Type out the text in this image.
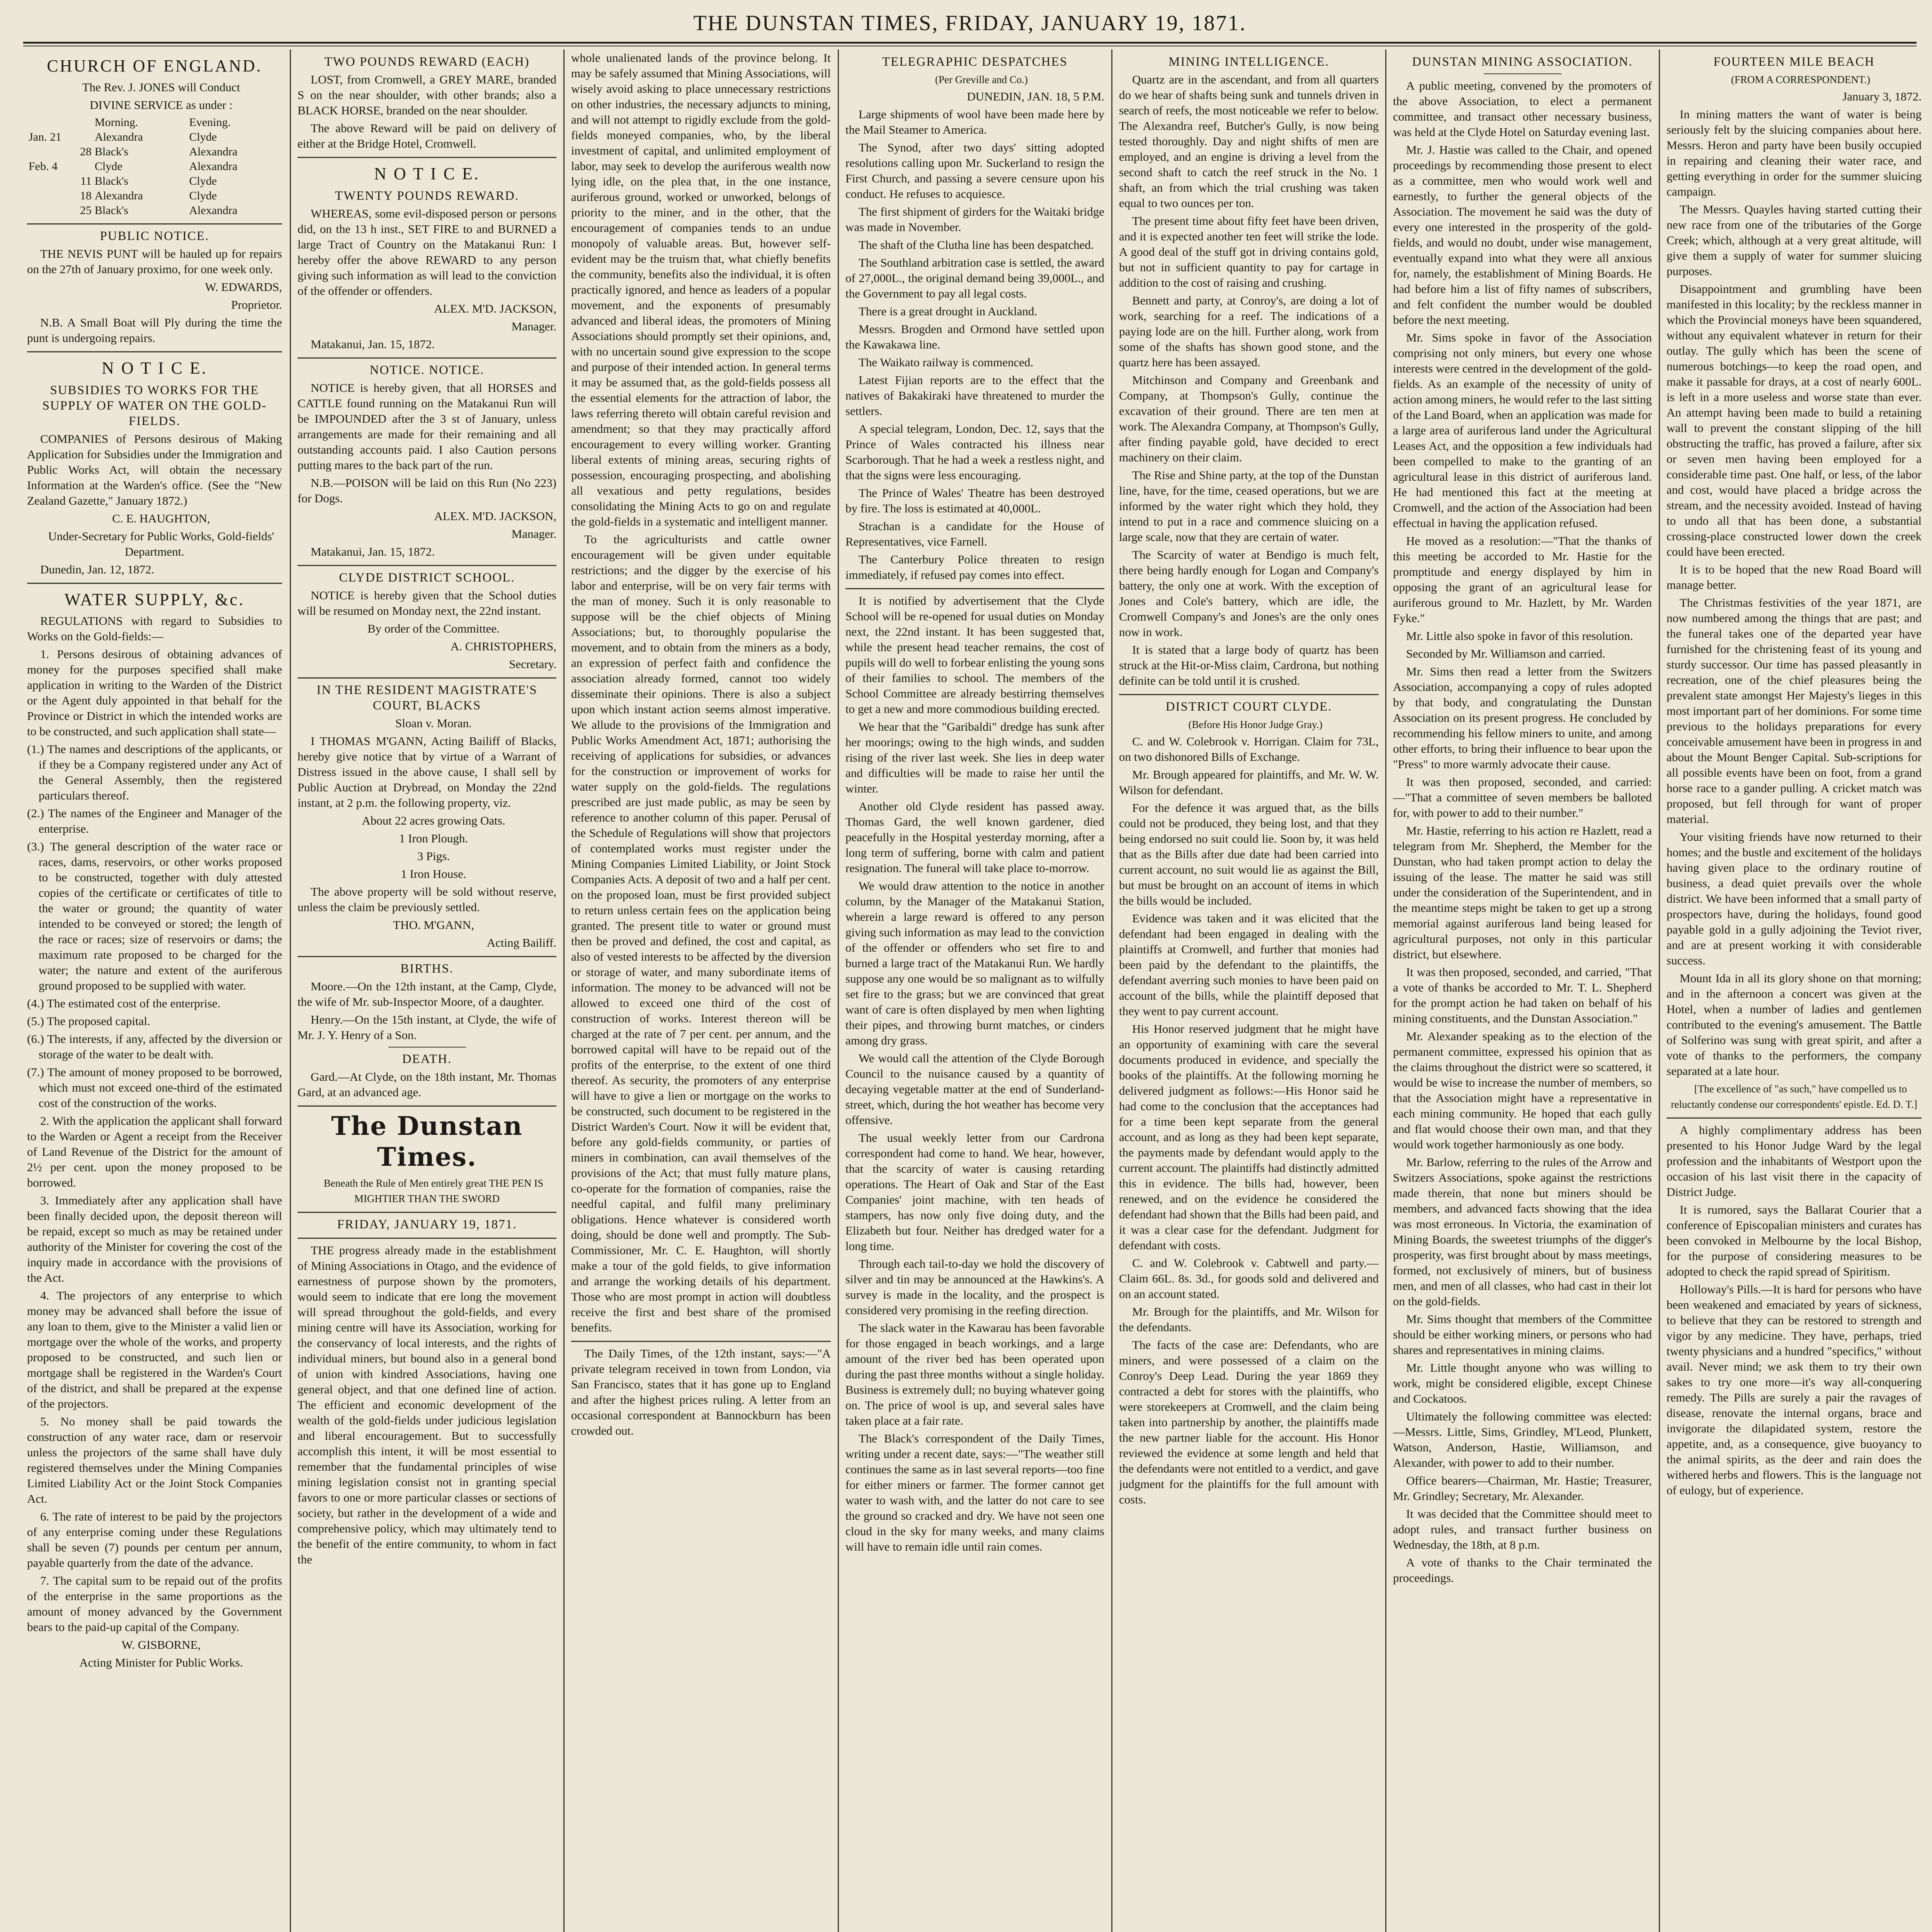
THE DUNSTAN TIMES, FRIDAY, JANUARY 19, 1871.
CHURCH OF ENGLAND.

The Rev. J. JONES will Conduct

DIVINE SERVICE as under :

	Morning.	Evening.
Jan. 21	Alexandra	Clyde
28	Black's	Alexandra
Feb. 4	Clyde	Alexandra
11	Black's	Clyde
18	Alexandra	Clyde
25	Black's	Alexandra
PUBLIC NOTICE.

THE NEVIS PUNT will be hauled up for repairs on the 27th of January proximo, for one week only.

W. EDWARDS,

Proprietor.

N.B. A Small Boat will Ply during the time the punt is undergoing repairs.

N O T I C E.
SUBSIDIES TO WORKS FOR THE SUPPLY OF WATER ON THE GOLD-FIELDS.

COMPANIES of Persons desirous of Making Application for Subsidies under the Immigration and Public Works Act, will obtain the necessary Information at the Warden's office. (See the "New Zealand Gazette," January 1872.)

C. E. HAUGHTON,

Under-Secretary for Public Works, Gold-fields' Department.

Dunedin, Jan. 12, 1872.

WATER SUPPLY, &c.

REGULATIONS with regard to Subsidies to Works on the Gold-fields:—

1. Persons desirous of obtaining advances of money for the purposes specified shall make application in writing to the Warden of the District or the Agent duly appointed in that behalf for the Province or District in which the intended works are to be constructed, and such application shall state—

(1.) The names and descriptions of the applicants, or if they be a Company registered under any Act of the General Assembly, then the registered particulars thereof.

(2.) The names of the Engineer and Manager of the enterprise.

(3.) The general description of the water race or races, dams, reservoirs, or other works proposed to be constructed, together with duly attested copies of the certificate or certificates of title to the water or ground; the quantity of water intended to be conveyed or stored; the length of the race or races; size of reservoirs or dams; the maximum rate proposed to be charged for the water; the nature and extent of the auriferous ground proposed to be supplied with water.

(4.) The estimated cost of the enterprise.

(5.) The proposed capital.

(6.) The interests, if any, affected by the diversion or storage of the water to be dealt with.

(7.) The amount of money proposed to be borrowed, which must not exceed one-third of the estimated cost of the construction of the works.

2. With the application the applicant shall forward to the Warden or Agent a receipt from the Receiver of Land Revenue of the District for the amount of 2½ per cent. upon the money proposed to be borrowed.

3. Immediately after any application shall have been finally decided upon, the deposit thereon will be repaid, except so much as may be retained under authority of the Minister for covering the cost of the inquiry made in accordance with the provisions of the Act.

4. The projectors of any enterprise to which money may be advanced shall before the issue of any loan to them, give to the Minister a valid lien or mortgage over the whole of the works, and property proposed to be constructed, and such lien or mortgage shall be registered in the Warden's Court of the district, and shall be prepared at the expense of the projectors.

5. No money shall be paid towards the construction of any water race, dam or reservoir unless the projectors of the same shall have duly registered themselves under the Mining Companies Limited Liability Act or the Joint Stock Companies Act.

6. The rate of interest to be paid by the projectors of any enterprise coming under these Regulations shall be seven (7) pounds per centum per annum, payable quarterly from the date of the advance.

7. The capital sum to be repaid out of the profits of the enterprise in the same proportions as the amount of money advanced by the Government bears to the paid-up capital of the Company.

W. GISBORNE,

Acting Minister for Public Works.

TWO POUNDS REWARD (EACH)

LOST, from Cromwell, a GREY MARE, branded S on the near shoulder, with other brands; also a BLACK HORSE, branded on the near shoulder.

The above Reward will be paid on delivery of either at the Bridge Hotel, Cromwell.

N O T I C E.
TWENTY POUNDS REWARD.

WHEREAS, some evil-disposed person or persons did, on the 13 h inst., SET FIRE to and BURNED a large Tract of Country on the Matakanui Run: I hereby offer the above REWARD to any person giving such information as will lead to the conviction of the offender or offenders.

ALEX. M'D. JACKSON,

Manager.

Matakanui, Jan. 15, 1872.

NOTICE. NOTICE.

NOTICE is hereby given, that all HORSES and CATTLE found running on the Matakanui Run will be IMPOUNDED after the 3 st of January, unless arrangements are made for their remaining and all outstanding accounts paid. I also Caution persons putting mares to the back part of the run.

N.B.—POISON will be laid on this Run (No 223) for Dogs.

ALEX. M'D. JACKSON,

Manager.

Matakanui, Jan. 15, 1872.

CLYDE DISTRICT SCHOOL.

NOTICE is hereby given that the School duties will be resumed on Monday next, the 22nd instant.

By order of the Committee.

A. CHRISTOPHERS,

Secretary.

IN THE RESIDENT MAGISTRATE'S COURT, BLACKS

Sloan v. Moran.

I THOMAS M'GANN, Acting Bailiff of Blacks, hereby give notice that by virtue of a Warrant of Distress issued in the above cause, I shall sell by Public Auction at Drybread, on Monday the 22nd instant, at 2 p.m. the following property, viz.

About 22 acres growing Oats.

1 Iron Plough.

3 Pigs.

1 Iron House.

The above property will be sold without reserve, unless the claim be previously settled.

THO. M'GANN,

Acting Bailiff.

BIRTHS.

Moore.—On the 12th instant, at the Camp, Clyde, the wife of Mr. sub-Inspector Moore, of a daughter.

Henry.—On the 15th instant, at Clyde, the wife of Mr. J. Y. Henry of a Son.

DEATH.

Gard.—At Clyde, on the 18th instant, Mr. Thomas Gard, at an advanced age.

The Dunstan Times.

Beneath the Rule of Men entirely great THE PEN IS MIGHTIER THAN THE SWORD

FRIDAY, JANUARY 19, 1871.

THE progress already made in the establishment of Mining Associations in Otago, and the evidence of earnestness of purpose shown by the promoters, would seem to indicate that ere long the movement will spread throughout the gold-fields, and every mining centre will have its Association, working for the conservancy of local interests, and the rights of individual miners, but bound also in a general bond of union with kindred Associations, having one general object, and that one defined line of action. The efficient and economic development of the wealth of the gold-fields under judicious legislation and liberal encouragement. But to successfully accomplish this intent, it will be most essential to remember that the fundamental principles of wise mining legislation consist not in granting special favors to one or more particular classes or sections of society, but rather in the development of a wide and comprehensive policy, which may ultimately tend to the benefit of the entire community, to whom in fact the

whole unalienated lands of the province belong. It may be safely assumed that Mining Associations, will wisely avoid asking to place unnecessary restrictions on other industries, the necessary adjuncts to mining, and will not attempt to rigidly exclude from the gold-fields moneyed companies, who, by the liberal investment of capital, and unlimited employment of labor, may seek to develop the auriferous wealth now lying idle, on the plea that, in the one instance, auriferous ground, worked or unworked, belongs of priority to the miner, and in the other, that the encouragement of companies tends to an undue monopoly of valuable areas. But, however self-evident may be the truism that, what chiefly benefits the community, benefits also the individual, it is often practically ignored, and hence as leaders of a popular movement, and the exponents of presumably advanced and liberal ideas, the promoters of Mining Associations should promptly set their opinions, and, with no uncertain sound give expression to the scope and purpose of their intended action. In general terms it may be assumed that, as the gold-fields possess all the essential elements for the attraction of labor, the laws referring thereto will obtain careful revision and amendment; so that they may practically afford encouragement to every willing worker. Granting liberal extents of mining areas, securing rights of possession, encouraging prospecting, and abolishing all vexatious and petty regulations, besides consolidating the Mining Acts to go on and regulate the gold-fields in a systematic and intelligent manner.

To the agriculturists and cattle owner encouragement will be given under equitable restrictions; and the digger by the exercise of his labor and enterprise, will be on very fair terms with the man of money. Such it is only reasonable to suppose will be the chief objects of Mining Associations; but, to thoroughly popularise the movement, and to obtain from the miners as a body, an expression of perfect faith and confidence the association already formed, cannot too widely disseminate their opinions. There is also a subject upon which instant action seems almost imperative. We allude to the provisions of the Immigration and Public Works Amendment Act, 1871; authorising the receiving of applications for subsidies, or advances for the construction or improvement of works for water supply on the gold-fields. The regulations prescribed are just made public, as may be seen by reference to another column of this paper. Perusal of the Schedule of Regulations will show that projectors of contemplated works must register under the Mining Companies Limited Liability, or Joint Stock Companies Acts. A deposit of two and a half per cent. on the proposed loan, must be first provided subject to return unless certain fees on the application being granted. The present title to water or ground must then be proved and defined, the cost and capital, as also of vested interests to be affected by the diversion or storage of water, and many subordinate items of information. The money to be advanced will not be allowed to exceed one third of the cost of construction of works. Interest thereon will be charged at the rate of 7 per cent. per annum, and the borrowed capital will have to be repaid out of the profits of the enterprise, to the extent of one third thereof. As security, the promoters of any enterprise will have to give a lien or mortgage on the works to be constructed, such document to be registered in the District Warden's Court. Now it will be evident that, before any gold-fields community, or parties of miners in combination, can avail themselves of the provisions of the Act; that must fully mature plans, co-operate for the formation of companies, raise the needful capital, and fulfil many preliminary obligations. Hence whatever is considered worth doing, should be done well and promptly. The Sub-Commissioner, Mr. C. E. Haughton, will shortly make a tour of the gold fields, to give information and arrange the working details of his department. Those who are most prompt in action will doubtless receive the first and best share of the promised benefits.

The Daily Times, of the 12th instant, says:—"A private telegram received in town from London, via San Francisco, states that it has gone up to England and after the highest prices ruling. A letter from an occasional correspondent at Bannockburn has been crowded out.

TELEGRAPHIC DESPATCHES

(Per Greville and Co.)

DUNEDIN, JAN. 18, 5 P.M.

Large shipments of wool have been made here by the Mail Steamer to America.

The Synod, after two days' sitting adopted resolutions calling upon Mr. Suckerland to resign the First Church, and passing a severe censure upon his conduct. He refuses to acquiesce.

The first shipment of girders for the Waitaki bridge was made in November.

The shaft of the Clutha line has been despatched.

The Southland arbitration case is settled, the award of 27,000L., the original demand being 39,000L., and the Government to pay all legal costs.

There is a great drought in Auckland.

Messrs. Brogden and Ormond have settled upon the Kawakawa line.

The Waikato railway is commenced.

Latest Fijian reports are to the effect that the natives of Bakakiraki have threatened to murder the settlers.

A special telegram, London, Dec. 12, says that the Prince of Wales contracted his illness near Scarborough. That he had a week a restless night, and that the signs were less encouraging.

The Prince of Wales' Theatre has been destroyed by fire. The loss is estimated at 40,000L.

Strachan is a candidate for the House of Representatives, vice Farnell.

The Canterbury Police threaten to resign immediately, if refused pay comes into effect.

It is notified by advertisement that the Clyde School will be re-opened for usual duties on Monday next, the 22nd instant. It has been suggested that, while the present head teacher remains, the cost of pupils will do well to forbear enlisting the young sons of their families to school. The members of the School Committee are already bestirring themselves to get a new and more commodious building erected.

We hear that the "Garibaldi" dredge has sunk after her moorings; owing to the high winds, and sudden rising of the river last week. She lies in deep water and difficulties will be made to raise her until the winter.

Another old Clyde resident has passed away. Thomas Gard, the well known gardener, died peacefully in the Hospital yesterday morning, after a long term of suffering, borne with calm and patient resignation. The funeral will take place to-morrow.

We would draw attention to the notice in another column, by the Manager of the Matakanui Station, wherein a large reward is offered to any person giving such information as may lead to the conviction of the offender or offenders who set fire to and burned a large tract of the Matakanui Run. We hardly suppose any one would be so malignant as to wilfully set fire to the grass; but we are convinced that great want of care is often displayed by men when lighting their pipes, and throwing burnt matches, or cinders among dry grass.

We would call the attention of the Clyde Borough Council to the nuisance caused by a quantity of decaying vegetable matter at the end of Sunderland-street, which, during the hot weather has become very offensive.

The usual weekly letter from our Cardrona correspondent had come to hand. We hear, however, that the scarcity of water is causing retarding operations. The Heart of Oak and Star of the East Companies' joint machine, with ten heads of stampers, has now only five doing duty, and the Elizabeth but four. Neither has dredged water for a long time.

Through each tail-to-day we hold the discovery of silver and tin may be announced at the Hawkins's. A survey is made in the locality, and the prospect is considered very promising in the reefing direction.

The slack water in the Kawarau has been favorable for those engaged in beach workings, and a large amount of the river bed has been operated upon during the past three months without a single holiday. Business is extremely dull; no buying whatever going on. The price of wool is up, and several sales have taken place at a fair rate.

The Black's correspondent of the Daily Times, writing under a recent date, says:—"The weather still continues the same as in last several reports—too fine for either miners or farmer. The former cannot get water to wash with, and the latter do not care to see the ground so cracked and dry. We have not seen one cloud in the sky for many weeks, and many claims will have to remain idle until rain comes.

MINING INTELLIGENCE.

Quartz are in the ascendant, and from all quarters do we hear of shafts being sunk and tunnels driven in search of reefs, the most noticeable we refer to below. The Alexandra reef, Butcher's Gully, is now being tested thoroughly. Day and night shifts of men are employed, and an engine is driving a level from the second shaft to catch the reef struck in the No. 1 shaft, an from which the trial crushing was taken equal to two ounces per ton.

The present time about fifty feet have been driven, and it is expected another ten feet will strike the lode. A good deal of the stuff got in driving contains gold, but not in sufficient quantity to pay for cartage in addition to the cost of raising and crushing.

Bennett and party, at Conroy's, are doing a lot of work, searching for a reef. The indications of a paying lode are on the hill. Further along, work from some of the shafts has shown good stone, and the quartz here has been assayed.

Mitchinson and Company and Greenbank and Company, at Thompson's Gully, continue the excavation of their ground. There are ten men at work. The Alexandra Company, at Thompson's Gully, after finding payable gold, have decided to erect machinery on their claim.

The Rise and Shine party, at the top of the Dunstan line, have, for the time, ceased operations, but we are informed by the water right which they hold, they intend to put in a race and commence sluicing on a large scale, now that they are certain of water.

The Scarcity of water at Bendigo is much felt, there being hardly enough for Logan and Company's battery, the only one at work. With the exception of Jones and Cole's battery, which are idle, the Cromwell Company's and Jones's are the only ones now in work.

It is stated that a large body of quartz has been struck at the Hit-or-Miss claim, Cardrona, but nothing definite can be told until it is crushed.

DISTRICT COURT CLYDE.

(Before His Honor Judge Gray.)

C. and W. Colebrook v. Horrigan. Claim for 73L, on two dishonored Bills of Exchange.

Mr. Brough appeared for plaintiffs, and Mr. W. W. Wilson for defendant.

For the defence it was argued that, as the bills could not be produced, they being lost, and that they being endorsed no suit could lie. Soon by, it was held that as the Bills after due date had been carried into current account, no suit would lie as against the Bill, but must be brought on an account of items in which the bills would be included.

Evidence was taken and it was elicited that the defendant had been engaged in dealing with the plaintiffs at Cromwell, and further that monies had been paid by the defendant to the plaintiffs, the defendant averring such monies to have been paid on account of the bills, while the plaintiff deposed that they went to pay current account.

His Honor reserved judgment that he might have an opportunity of examining with care the several documents produced in evidence, and specially the books of the plaintiffs. At the following morning he delivered judgment as follows:—His Honor said he had come to the conclusion that the acceptances had for a time been kept separate from the general account, and as long as they had been kept separate, the payments made by defendant would apply to the current account. The plaintiffs had distinctly admitted this in evidence. The bills had, however, been renewed, and on the evidence he considered the defendant had shown that the Bills had been paid, and it was a clear case for the defendant. Judgment for defendant with costs.

C. and W. Colebrook v. Cabtwell and party.—Claim 66L. 8s. 3d., for goods sold and delivered and on an account stated.

Mr. Brough for the plaintiffs, and Mr. Wilson for the defendants.

The facts of the case are: Defendants, who are miners, and were possessed of a claim on the Conroy's Deep Lead. During the year 1869 they contracted a debt for stores with the plaintiffs, who were storekeepers at Cromwell, and the claim being taken into partnership by another, the plaintiffs made the new partner liable for the account. His Honor reviewed the evidence at some length and held that the defendants were not entitled to a verdict, and gave judgment for the plaintiffs for the full amount with costs.

DUNSTAN MINING ASSOCIATION.

A public meeting, convened by the promoters of the above Association, to elect a permanent committee, and transact other necessary business, was held at the Clyde Hotel on Saturday evening last.

Mr. J. Hastie was called to the Chair, and opened proceedings by recommending those present to elect as a committee, men who would work well and earnestly, to further the general objects of the Association. The movement he said was the duty of every one interested in the prosperity of the gold-fields, and would no doubt, under wise management, eventually expand into what they were all anxious for, namely, the establishment of Mining Boards. He had before him a list of fifty names of subscribers, and felt confident the number would be doubled before the next meeting.

Mr. Sims spoke in favor of the Association comprising not only miners, but every one whose interests were centred in the development of the gold-fields. As an example of the necessity of unity of action among miners, he would refer to the last sitting of the Land Board, when an application was made for a large area of auriferous land under the Agricultural Leases Act, and the opposition a few individuals had been compelled to make to the granting of an agricultural lease in this district of auriferous land. He had mentioned this fact at the meeting at Cromwell, and the action of the Association had been effectual in having the application refused.

He moved as a resolution:—"That the thanks of this meeting be accorded to Mr. Hastie for the promptitude and energy displayed by him in opposing the grant of an agricultural lease for auriferous ground to Mr. Hazlett, by Mr. Warden Fyke."

Mr. Little also spoke in favor of this resolution.

Seconded by Mr. Williamson and carried.

Mr. Sims then read a letter from the Switzers Association, accompanying a copy of rules adopted by that body, and congratulating the Dunstan Association on its present progress. He concluded by recommending his fellow miners to unite, and among other efforts, to bring their influence to bear upon the "Press" to more warmly advocate their cause.

It was then proposed, seconded, and carried:—"That a committee of seven members be balloted for, with power to add to their number."

Mr. Hastie, referring to his action re Hazlett, read a telegram from Mr. Shepherd, the Member for the Dunstan, who had taken prompt action to delay the issuing of the lease. The matter he said was still under the consideration of the Superintendent, and in the meantime steps might be taken to get up a strong memorial against auriferous land being leased for agricultural purposes, not only in this particular district, but elsewhere.

It was then proposed, seconded, and carried, "That a vote of thanks be accorded to Mr. T. L. Shepherd for the prompt action he had taken on behalf of his mining constituents, and the Dunstan Association."

Mr. Alexander speaking as to the election of the permanent committee, expressed his opinion that as the claims throughout the district were so scattered, it would be wise to increase the number of members, so that the Association might have a representative in each mining community. He hoped that each gully and flat would choose their own man, and that they would work together harmoniously as one body.

Mr. Barlow, referring to the rules of the Arrow and Switzers Associations, spoke against the restrictions made therein, that none but miners should be members, and advanced facts showing that the idea was most erroneous. In Victoria, the examination of Mining Boards, the sweetest triumphs of the digger's prosperity, was first brought about by mass meetings, formed, not exclusively of miners, but of business men, and men of all classes, who had cast in their lot on the gold-fields.

Mr. Sims thought that members of the Committee should be either working miners, or persons who had shares and representatives in mining claims.

Mr. Little thought anyone who was willing to work, might be considered eligible, except Chinese and Cockatoos.

Ultimately the following committee was elected:—Messrs. Little, Sims, Grindley, M'Leod, Plunkett, Watson, Anderson, Hastie, Williamson, and Alexander, with power to add to their number.

Office bearers—Chairman, Mr. Hastie; Treasurer, Mr. Grindley; Secretary, Mr. Alexander.

It was decided that the Committee should meet to adopt rules, and transact further business on Wednesday, the 18th, at 8 p.m.

A vote of thanks to the Chair terminated the proceedings.

FOURTEEN MILE BEACH

(FROM A CORRESPONDENT.)

January 3, 1872.

In mining matters the want of water is being seriously felt by the sluicing companies about here. Messrs. Heron and party have been busily occupied in repairing and cleaning their water race, and getting everything in order for the summer sluicing campaign.

The Messrs. Quayles having started cutting their new race from one of the tributaries of the Gorge Creek; which, although at a very great altitude, will give them a supply of water for summer sluicing purposes.

Disappointment and grumbling have been manifested in this locality; by the reckless manner in which the Provincial moneys have been squandered, without any equivalent whatever in return for their outlay. The gully which has been the scene of numerous botchings—to keep the road open, and make it passable for drays, at a cost of nearly 600L. is left in a more useless and worse state than ever. An attempt having been made to build a retaining wall to prevent the constant slipping of the hill obstructing the traffic, has proved a failure, after six or seven men having been employed for a considerable time past. One half, or less, of the labor and cost, would have placed a bridge across the stream, and the necessity avoided. Instead of having to undo all that has been done, a substantial crossing-place constructed lower down the creek could have been erected.

It is to be hoped that the new Road Board will manage better.

The Christmas festivities of the year 1871, are now numbered among the things that are past; and the funeral takes one of the departed year have furnished for the christening feast of its young and sturdy successor. Our time has passed pleasantly in recreation, one of the chief pleasures being the prevalent state amongst Her Majesty's lieges in this most important part of her dominions. For some time previous to the holidays preparations for every conceivable amusement have been in progress in and about the Mount Benger Capital. Sub-scriptions for all possible events have been on foot, from a grand horse race to a gander pulling. A cricket match was proposed, but fell through for want of proper material.

Your visiting friends have now returned to their homes; and the bustle and excitement of the holidays having given place to the ordinary routine of business, a dead quiet prevails over the whole district. We have been informed that a small party of prospectors have, during the holidays, found good payable gold in a gully adjoining the Teviot river, and are at present working it with considerable success.

Mount Ida in all its glory shone on that morning; and in the afternoon a concert was given at the Hotel, when a number of ladies and gentlemen contributed to the evening's amusement. The Battle of Solferino was sung with great spirit, and after a vote of thanks to the performers, the company separated at a late hour.

[The excellence of "as such," have compelled us to reluctantly condense our correspondents' epistle. Ed. D. T.]

A highly complimentary address has been presented to his Honor Judge Ward by the legal profession and the inhabitants of Westport upon the occasion of his last visit there in the capacity of District Judge.

It is rumored, says the Ballarat Courier that a conference of Episcopalian ministers and curates has been convoked in Melbourne by the local Bishop, for the purpose of considering measures to be adopted to check the rapid spread of Spiritism.

Holloway's Pills.—It is hard for persons who have been weakened and emaciated by years of sickness, to believe that they can be restored to strength and vigor by any medicine. They have, perhaps, tried twenty physicians and a hundred "specifics," without avail. Never mind; we ask them to try their own sakes to try one more—it's way all-conquering remedy. The Pills are surely a pair the ravages of disease, renovate the internal organs, brace and invigorate the dilapidated system, restore the appetite, and, as a consequence, give buoyancy to the animal spirits, as the deer and rain does the withered herbs and flowers. This is the language not of eulogy, but of experience.
